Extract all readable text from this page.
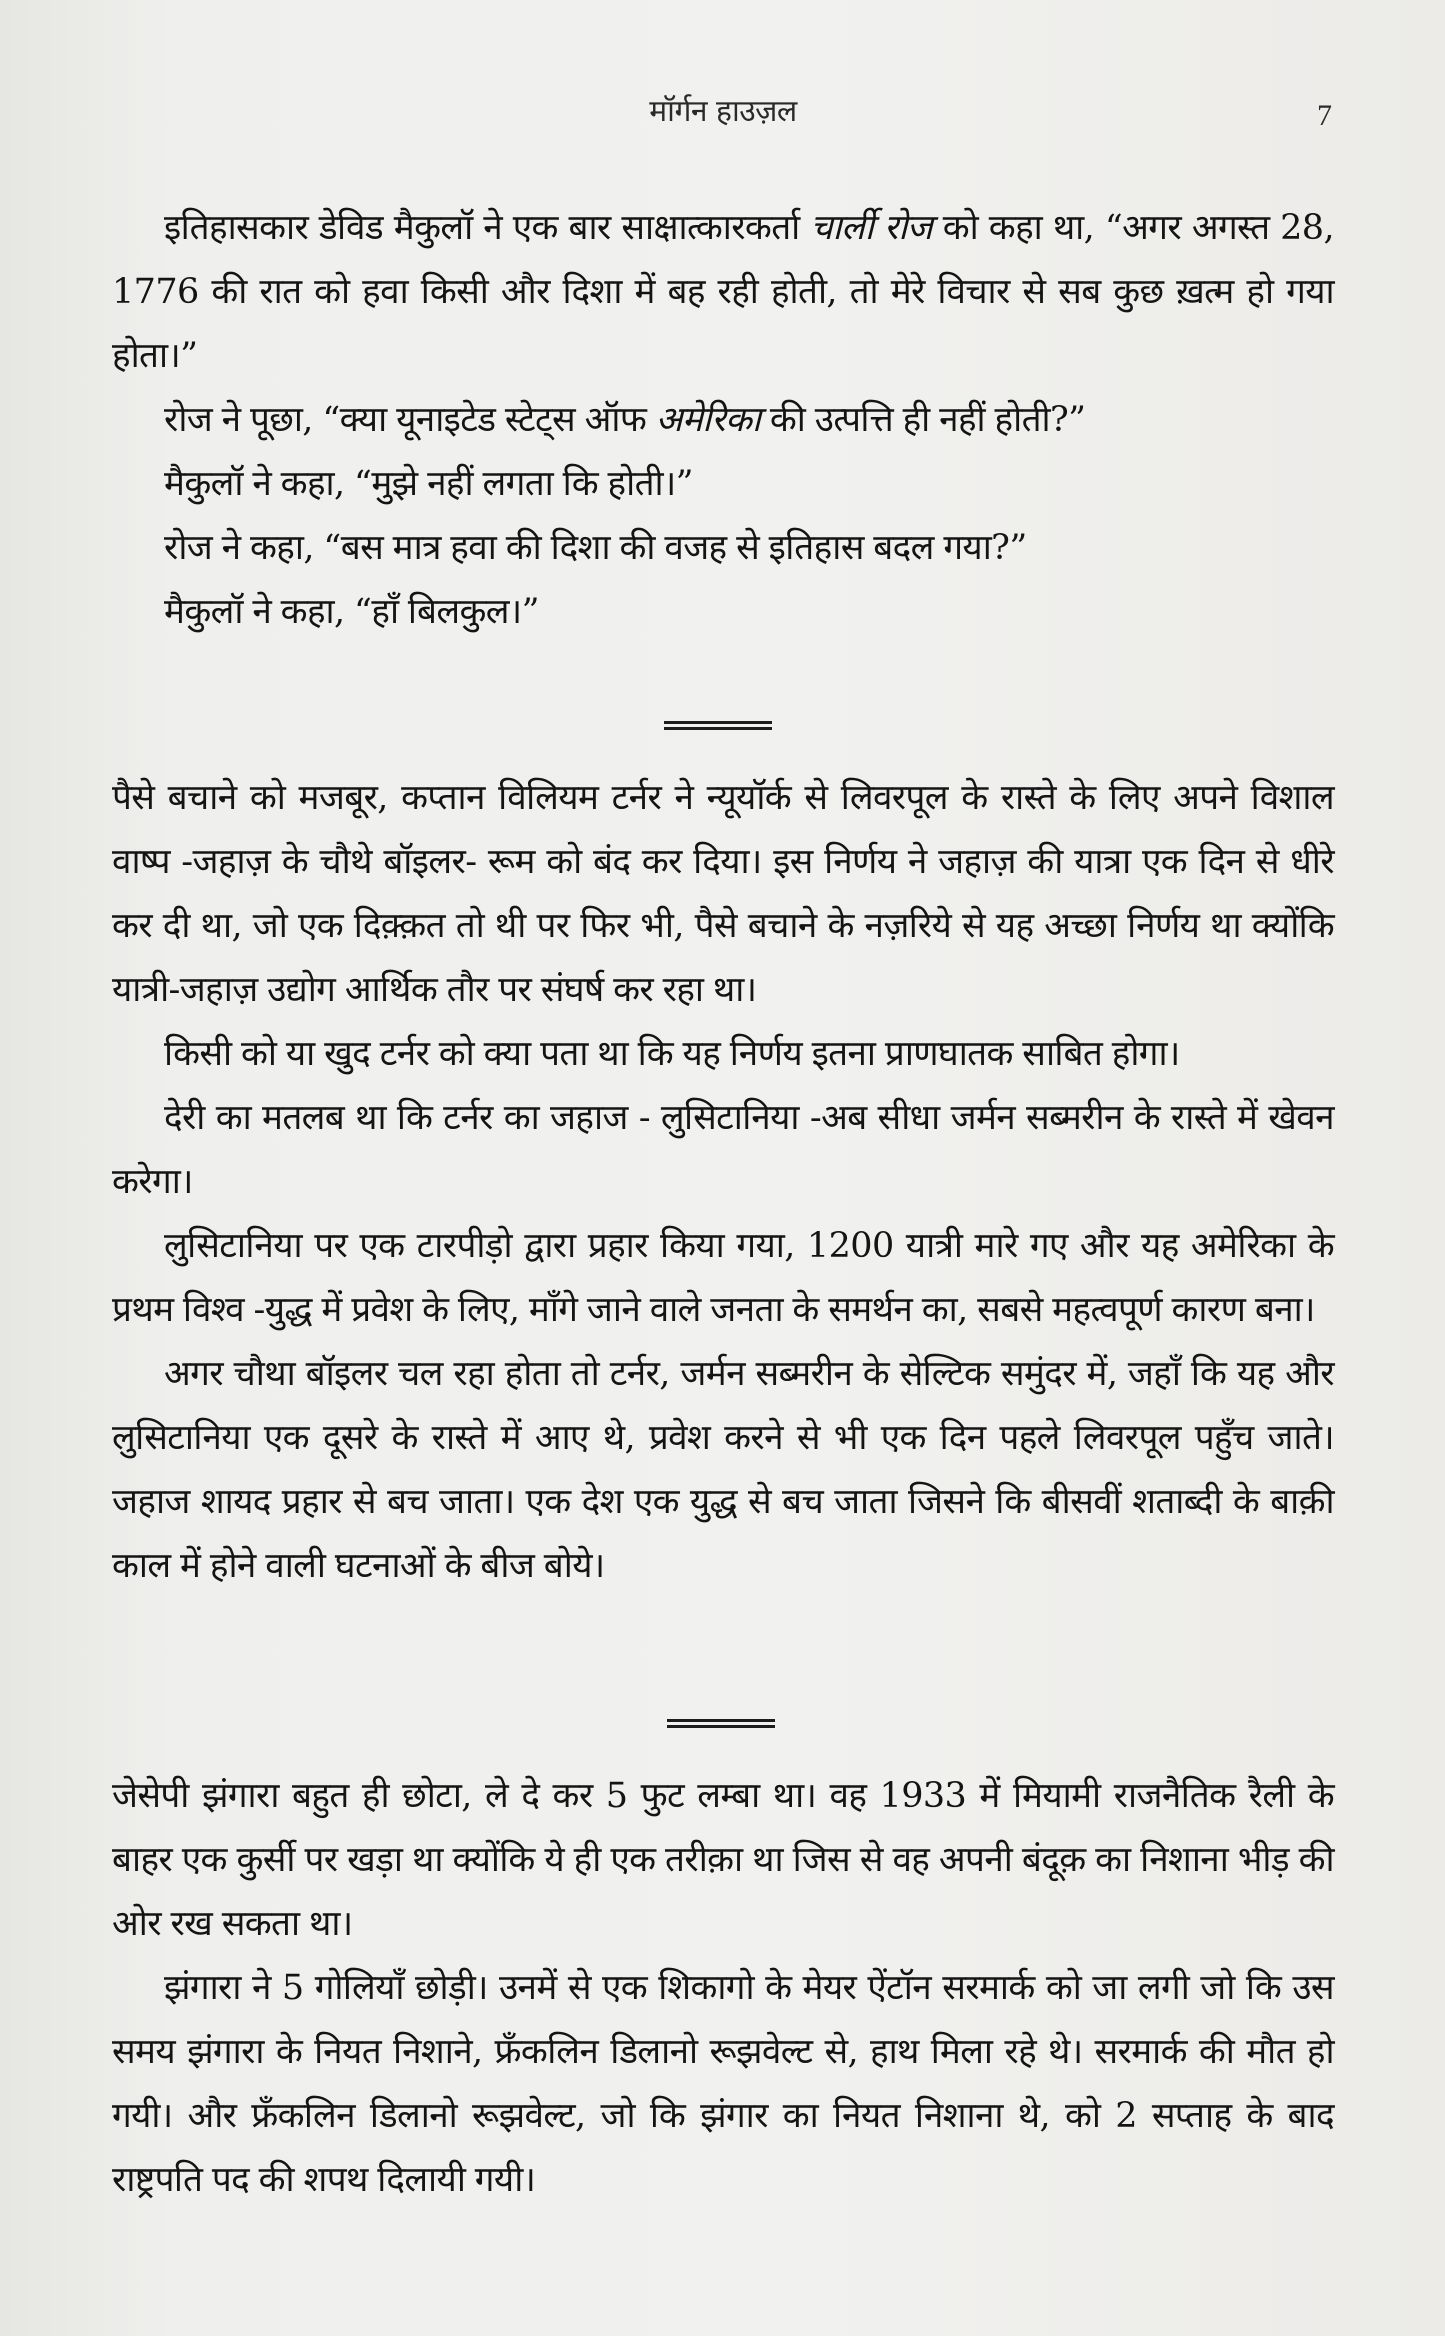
मॉर्गन हाउज़ल	7

इतिहासकार डेविड मैकुलॉ ने एक बार साक्षात्कारकर्ता चार्ली रोज को कहा था, “अगर अगस्त 28, 1776 की रात को हवा किसी और दिशा में बह रही होती, तो मेरे विचार से सब कुछ ख़त्म हो गया होता।”

रोज ने पूछा, “क्या यूनाइटेड स्टेट्स ऑफ अमेरिका की उत्पत्ति ही नहीं होती?”

मैकुलॉ ने कहा, “मुझे नहीं लगता कि होती।”

रोज ने कहा, “बस मात्र हवा की दिशा की वजह से इतिहास बदल गया?”

मैकुलॉ ने कहा, “हाँ बिलकुल।”

पैसे बचाने को मजबूर, कप्तान विलियम टर्नर ने न्यूयॉर्क से लिवरपूल के रास्ते के लिए अपने विशाल वाष्प -जहाज़ के चौथे बॉइलर- रूम को बंद कर दिया। इस निर्णय ने जहाज़ की यात्रा एक दिन से धीरे कर दी था, जो एक दिक़्क़त तो थी पर फिर भी, पैसे बचाने के नज़रिये से यह अच्छा निर्णय था क्योंकि यात्री-जहाज़ उद्योग आर्थिक तौर पर संघर्ष कर रहा था।

किसी को या खुद टर्नर को क्या पता था कि यह निर्णय इतना प्राणघातक साबित होगा।

देरी का मतलब था कि टर्नर का जहाज - लुसिटानिया -अब सीधा जर्मन सब्मरीन के रास्ते में खेवन करेगा।

लुसिटानिया पर एक टारपीड़ो द्वारा प्रहार किया गया, 1200 यात्री मारे गए और यह अमेरिका के प्रथम विश्व -युद्ध में प्रवेश के लिए, माँगे जाने वाले जनता के समर्थन का, सबसे महत्वपूर्ण कारण बना।

अगर चौथा बॉइलर चल रहा होता तो टर्नर, जर्मन सब्मरीन के सेल्टिक समुंदर में, जहाँ कि यह और लुसिटानिया एक दूसरे के रास्ते में आए थे, प्रवेश करने से भी एक दिन पहले लिवरपूल पहुँच जाते। जहाज शायद प्रहार से बच जाता। एक देश एक युद्ध से बच जाता जिसने कि बीसवीं शताब्दी के बाक़ी काल में होने वाली घटनाओं के बीज बोये।

जेसेपी झंगारा बहुत ही छोटा, ले दे कर 5 फुट लम्बा था। वह 1933 में मियामी राजनैतिक रैली के बाहर एक कुर्सी पर खड़ा था क्योंकि ये ही एक तरीक़ा था जिस से वह अपनी बंदूक़ का निशाना भीड़ की ओर रख सकता था।

झंगारा ने 5 गोलियाँ छोड़ी। उनमें से एक शिकागो के मेयर ऐंटॉन सरमार्क को जा लगी जो कि उस समय झंगारा के नियत निशाने, फ्रँकलिन डिलानो रूझवेल्ट से, हाथ मिला रहे थे। सरमार्क की मौत हो गयी। और फ्रँकलिन डिलानो रूझवेल्ट, जो कि झंगार का नियत निशाना थे, को 2 सप्ताह के बाद राष्ट्रपति पद की शपथ दिलायी गयी।
